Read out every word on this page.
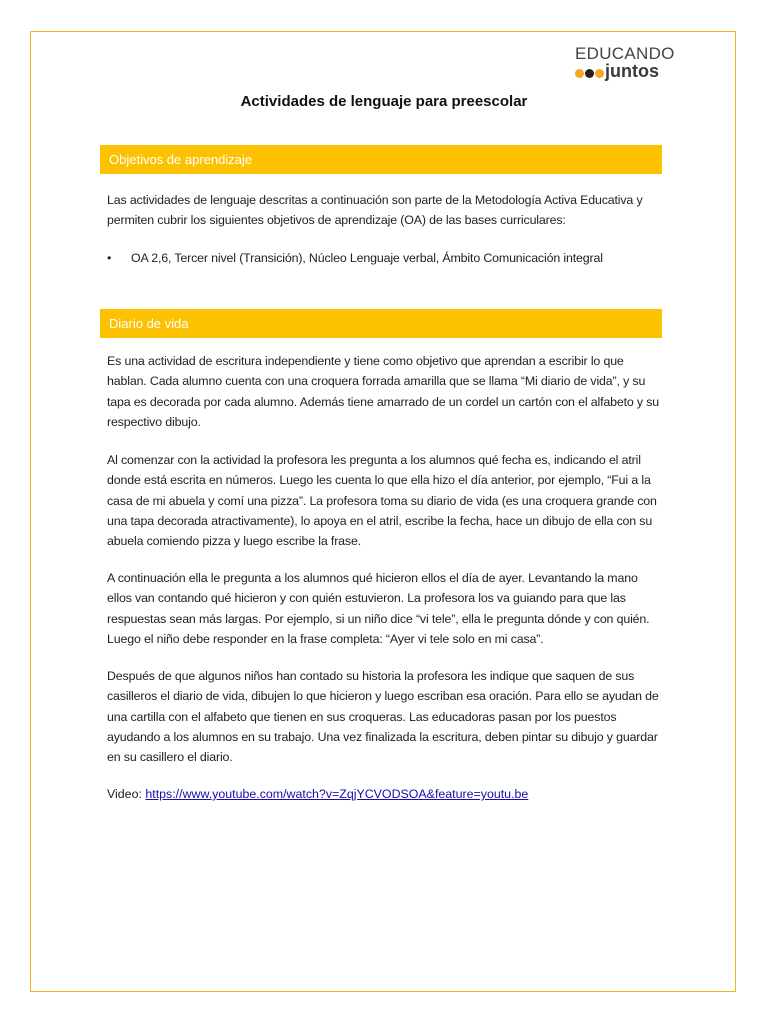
EDUCANDO
juntos
Actividades de lenguaje para preescolar
Objetivos de aprendizaje
Las actividades de lenguaje descritas a continuación son parte de la Metodología Activa Educativa y permiten cubrir los siguientes objetivos de aprendizaje (OA) de las bases curriculares:
• OA 2,6, Tercer nivel (Transición), Núcleo Lenguaje verbal, Ámbito Comunicación integral
Diario de vida
Es una actividad de escritura independiente y tiene como objetivo que aprendan a escribir lo que hablan. Cada alumno cuenta con una croquera forrada amarilla que se llama “Mi diario de vida”, y su tapa es decorada por cada alumno. Además tiene amarrado de un cordel un cartón con el alfabeto y su respectivo dibujo.
Al comenzar con la actividad la profesora les pregunta a los alumnos qué fecha es, indicando el atril donde está escrita en números. Luego les cuenta lo que ella hizo el día anterior, por ejemplo, “Fui a la casa de mi abuela y comí una pizza”. La profesora toma su diario de vida (es una croquera grande con una tapa decorada atractivamente), lo apoya en el atril, escribe la fecha, hace un dibujo de ella con su abuela comiendo pizza y luego escribe la frase.
A continuación ella le pregunta a los alumnos qué hicieron ellos el día de ayer. Levantando la mano ellos van contando qué hicieron y con quién estuvieron. La profesora los va guiando para que las respuestas sean más largas. Por ejemplo, si un niño dice “vi tele”, ella le pregunta dónde y con quién. Luego el niño debe responder en la frase completa: “Ayer vi tele solo en mi casa”.
Después de que algunos niños han contado su historia la profesora les indique que saquen de sus casilleros el diario de vida, dibujen lo que hicieron y luego escriban esa oración. Para ello se ayudan de una cartilla con el alfabeto que tienen en sus croqueras. Las educadoras pasan por los puestos ayudando a los alumnos en su trabajo. Una vez finalizada la escritura, deben pintar su dibujo y guardar en su casillero el diario.
Video: https://www.youtube.com/watch?v=ZqjYCVODSOA&feature=youtu.be
